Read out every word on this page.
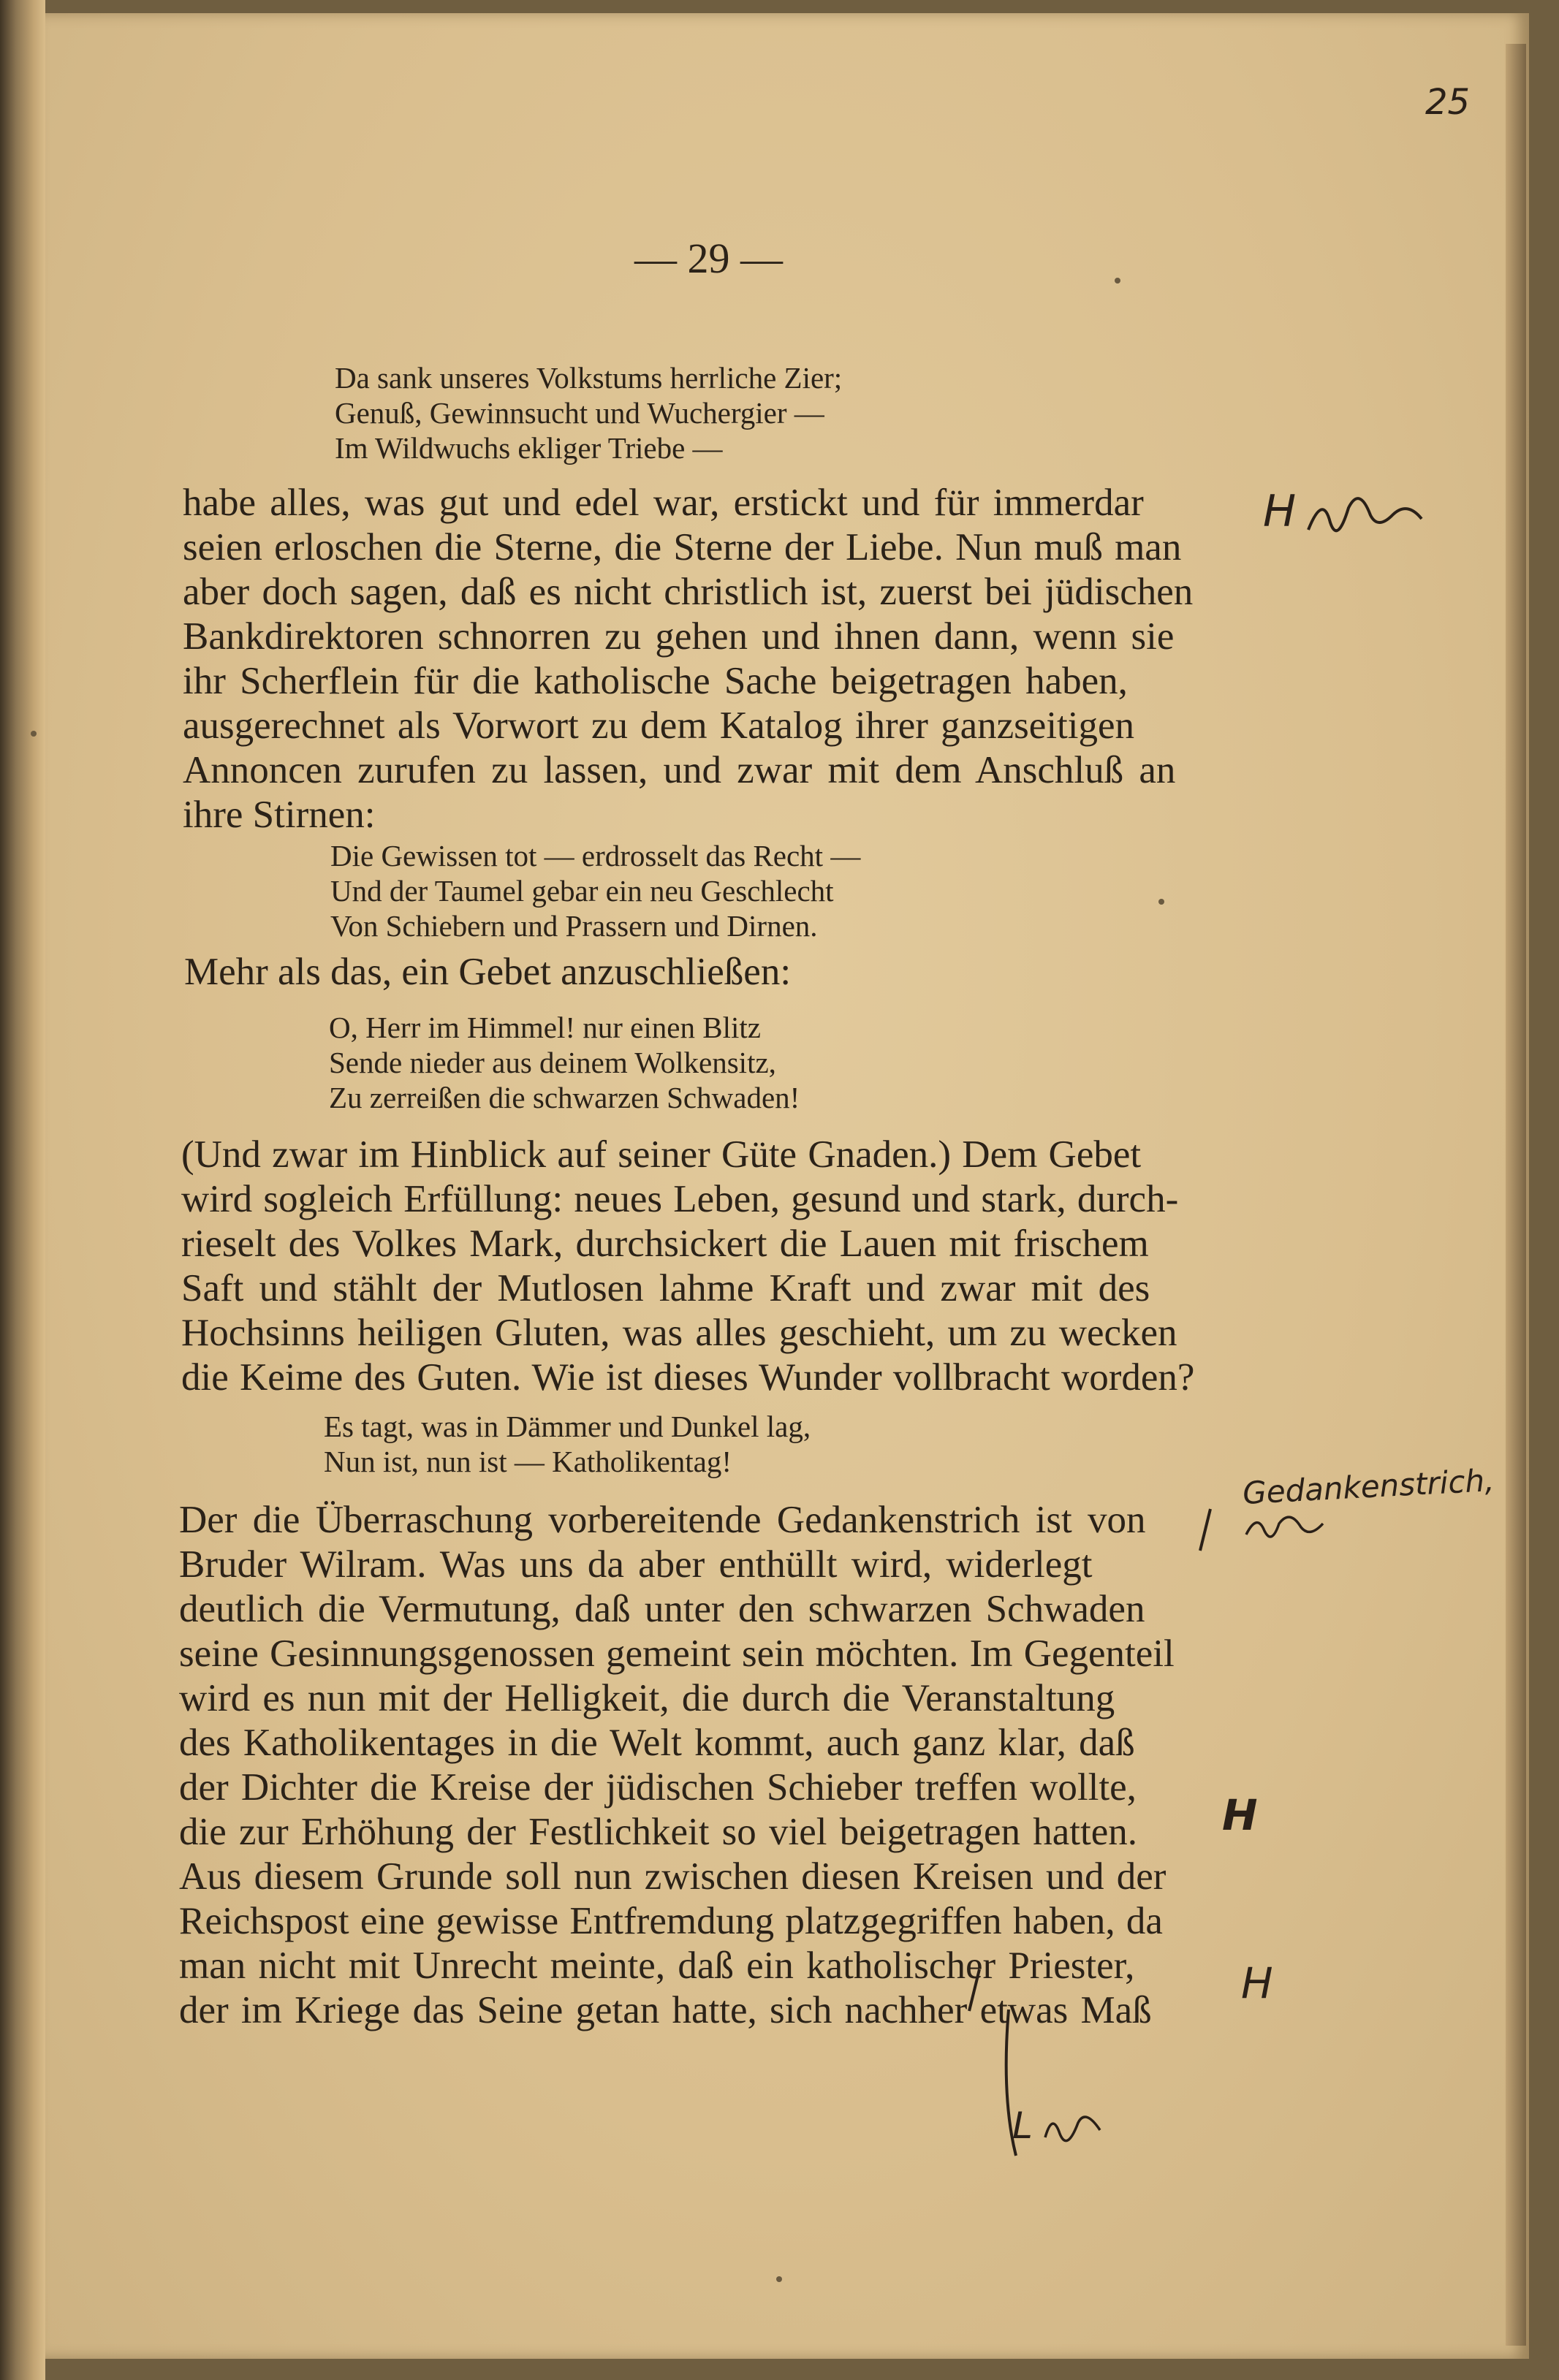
— 29 —
25
Da sank unseres Volkstums herrliche Zier;
Genuß, Gewinnsucht und Wuchergier —
Im Wildwuchs ekliger Triebe —
habe alles, was gut und edel war, erstickt und für immerdar
seien erloschen die Sterne, die Sterne der Liebe. Nun muß man
aber doch sagen, daß es nicht christlich ist, zuerst bei jüdischen
Bankdirektoren schnorren zu gehen und ihnen dann, wenn sie
ihr Scherflein für die katholische Sache beigetragen haben,
ausgerechnet als Vorwort zu dem Katalog ihrer ganzseitigen
Annoncen zurufen zu lassen, und zwar mit dem Anschluß an
ihre Stirnen:
Die Gewissen tot — erdrosselt das Recht —
Und der Taumel gebar ein neu Geschlecht
Von Schiebern und Prassern und Dirnen.
Mehr als das, ein Gebet anzuschließen:
O, Herr im Himmel! nur einen Blitz
Sende nieder aus deinem Wolkensitz,
Zu zerreißen die schwarzen Schwaden!
(Und zwar im Hinblick auf seiner Güte Gnaden.) Dem Gebet
wird sogleich Erfüllung: neues Leben, gesund und stark, durch-
rieselt des Volkes Mark, durchsickert die Lauen mit frischem
Saft und stählt der Mutlosen lahme Kraft und zwar mit des
Hochsinns heiligen Gluten, was alles geschieht, um zu wecken
die Keime des Guten. Wie ist dieses Wunder vollbracht worden?
Es tagt, was in Dämmer und Dunkel lag,
Nun ist, nun ist — Katholikentag!
Der die Überraschung vorbereitende Gedankenstrich ist von
Bruder Wilram. Was uns da aber enthüllt wird, widerlegt
deutlich die Vermutung, daß unter den schwarzen Schwaden
seine Gesinnungsgenossen gemeint sein möchten. Im Gegenteil
wird es nun mit der Helligkeit, die durch die Veranstaltung
des Katholikentages in die Welt kommt, auch ganz klar, daß
der Dichter die Kreise der jüdischen Schieber treffen wollte,
die zur Erhöhung der Festlichkeit so viel beigetragen hatten.
Aus diesem Grunde soll nun zwischen diesen Kreisen und der
Reichspost eine gewisse Entfremdung platzgegriffen haben, da
man nicht mit Unrecht meinte, daß ein katholischer Priester,
der im Kriege das Seine getan hatte, sich nachher etwas Maß
H
Gedankenstrich,
H
H
L
